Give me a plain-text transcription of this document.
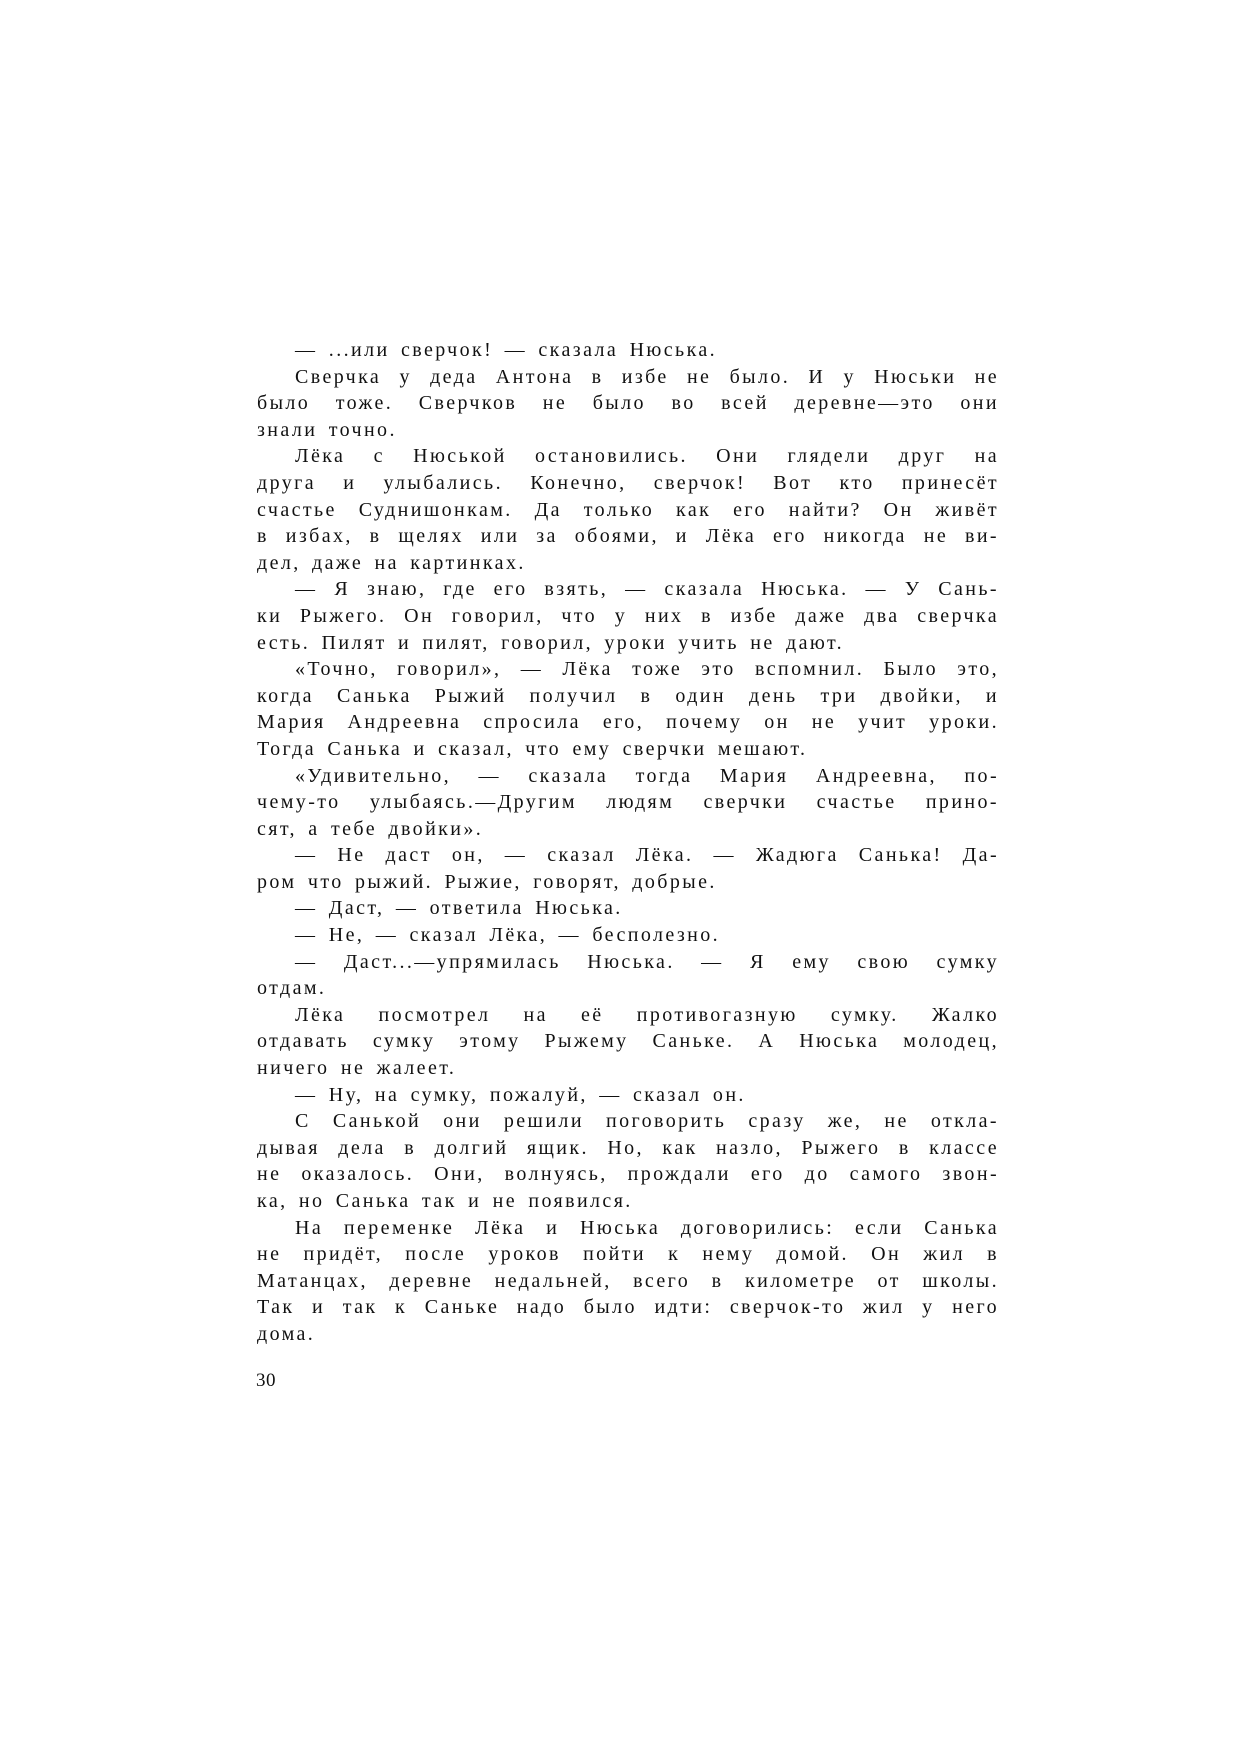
— ...или сверчок! — сказала Нюська.
Сверчка у деда Антона в избе не было. И у Нюськи не
было тоже. Сверчков не было во всей деревне—это они
знали точно.
Лёка с Нюськой остановились. Они глядели друг на
друга и улыбались. Конечно, сверчок! Вот кто принесёт
счастье Суднишонкам. Да только как его найти? Он живёт
в избах, в щелях или за обоями, и Лёка его никогда не ви-
дел, даже на картинках.
— Я знаю, где его взять, — сказала Нюська. — У Сань-
ки Рыжего. Он говорил, что у них в избе даже два сверчка
есть. Пилят и пилят, говорил, уроки учить не дают.
«Точно, говорил», — Лёка тоже это вспомнил. Было это,
когда Санька Рыжий получил в один день три двойки, и
Мария Андреевна спросила его, почему он не учит уроки.
Тогда Санька и сказал, что ему сверчки мешают.
«Удивительно, — сказала тогда Мария Андреевна, по-
чему-то улыбаясь.—Другим людям сверчки счастье прино-
сят, а тебе двойки».
— Не даст он, — сказал Лёка. — Жадюга Санька! Да-
ром что рыжий. Рыжие, говорят, добрые.
— Даст, — ответила Нюська.
— Не, — сказал Лёка, — бесполезно.
— Даст...—упрямилась Нюська. — Я ему свою сумку
отдам.
Лёка посмотрел на её противогазную сумку. Жалко
отдавать сумку этому Рыжему Саньке. А Нюська молодец,
ничего не жалеет.
— Ну, на сумку, пожалуй, — сказал он.
С Санькой они решили поговорить сразу же, не откла-
дывая дела в долгий ящик. Но, как назло, Рыжего в классе
не оказалось. Они, волнуясь, прождали его до самого звон-
ка, но Санька так и не появился.
На переменке Лёка и Нюська договорились: если Санька
не придёт, после уроков пойти к нему домой. Он жил в
Матанцах, деревне недальней, всего в километре от школы.
Так и так к Саньке надо было идти: сверчок-то жил у него
дома.
30
